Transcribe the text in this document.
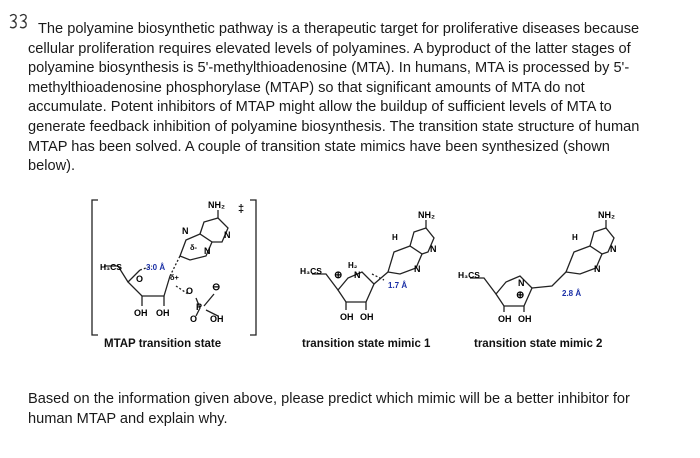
The polyamine biosynthetic pathway is a therapeutic target for proliferative diseases because
cellular proliferation requires elevated levels of polyamines. A byproduct of the latter stages of
polyamine biosynthesis is 5'-methylthioadenosine (MTA). In humans, MTA is processed by 5'-
methylthioadenosine phosphorylase (MTAP) so that significant amounts of MTA do not
accumulate. Potent inhibitors of MTAP might allow the buildup of sufficient levels of MTA to
generate feedback inhibition of polyamine biosynthesis. The transition state structure of human
MTAP has been solved. A couple of transition state mimics have been synthesized (shown
below).

NH₂ ‡
N
δ-
N
N
H₃CS	3.0 Å
O	δ+
O ⊖
P
O OH
OH OH
NH₂
N
N
H
H₃CS
H₂
⊕ N
1.7 Å
OH OH
NH₂
N
N
H
H₃CS
N
⊕	2.8 Å
OH OH
MTAP transition state	transition state mimic 1	transition state mimic 2

Based on the information given above, please predict which mimic will be a better inhibitor for
human MTAP and explain why.
